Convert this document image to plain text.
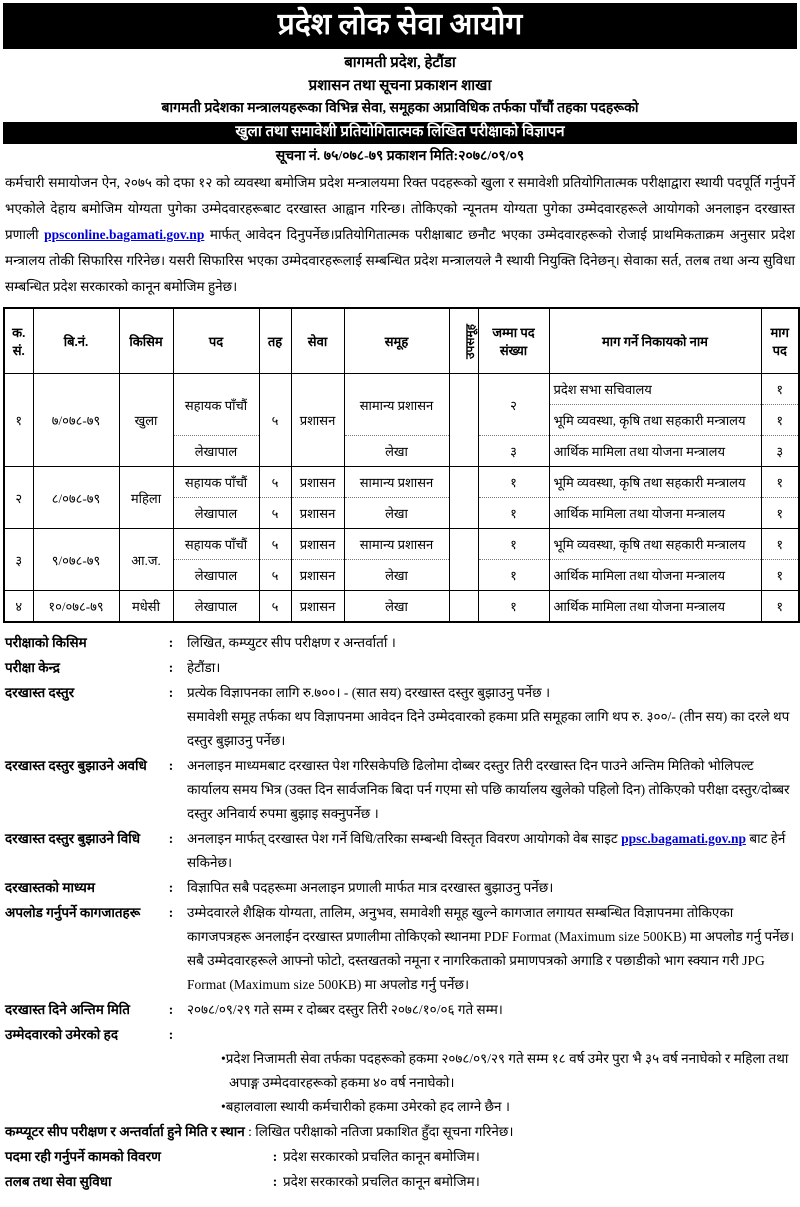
प्रदेश लोक सेवा आयोग
बागमती प्रदेश, हेटौंडा
प्रशासन तथा सूचना प्रकाशन शाखा
बागमती प्रदेशका मन्त्रालयहरूका विभिन्न सेवा, समूहका अप्राविधिक तर्फका पाँचौं तहका पदहरूको
खुला तथा समावेशी प्रतियोगितात्मक लिखित परीक्षाको विज्ञापन
सूचना नं. ७५/०७८-७९ प्रकाशन मिति:२०७८/०९/०९

कर्मचारी समायोजन ऐन, २०७५ को दफा १२ को व्यवस्था बमोजिम प्रदेश मन्त्रालयमा रिक्त पदहरूको खुला र समावेशी प्रतियोगितात्मक परीक्षाद्वारा स्थायी पदपूर्ति गर्नुपर्ने भएकोले देहाय बमोजिम योग्यता पुगेका उम्मेदवारहरूबाट दरखास्त आह्वान गरिन्छ। तोकिएको न्यूनतम योग्यता पुगेका उम्मेदवारहरूले आयोगको अनलाइन दरखास्त प्रणाली ppsconline.bagamati.gov.np मार्फत् आवेदन दिनुपर्नेछ।प्रतियोगितात्मक परीक्षाबाट छनौट भएका उम्मेदवारहरूको रोजाई प्राथमिकताक्रम अनुसार प्रदेश मन्त्रालय तोकी सिफारिस गरिनेछ। यसरी सिफारिस भएका उम्मेदवारहरूलाई सम्बन्धित प्रदेश मन्त्रालयले नै स्थायी नियुक्ति दिनेछन्। सेवाका सर्त, तलब तथा अन्य सुविधा सम्बन्धित प्रदेश सरकारको कानून बमोजिम हुनेछ।

क. सं.	बि.नं.	किसिम	पद	तह	सेवा	समूह	उपसमूह	जम्मा पद संख्या	माग गर्ने निकायको नाम	माग पद
१	७/०७८-७९	खुला	सहायक पाँचौं	५	प्रशासन	सामान्य प्रशासन		२	प्रदेश सभा सचिवालय	१
									भूमि व्यवस्था, कृषि तथा सहकारी मन्त्रालय	१
			लेखापाल			लेखा		३	आर्थिक मामिला तथा योजना मन्त्रालय	३
२	८/०७८-७९	महिला	सहायक पाँचौं	५	प्रशासन	सामान्य प्रशासन		१	भूमि व्यवस्था, कृषि तथा सहकारी मन्त्रालय	१
			लेखापाल	५	प्रशासन	लेखा		१	आर्थिक मामिला तथा योजना मन्त्रालय	१
३	९/०७८-७९	आ.ज.	सहायक पाँचौं	५	प्रशासन	सामान्य प्रशासन		१	भूमि व्यवस्था, कृषि तथा सहकारी मन्त्रालय	१
			लेखापाल	५	प्रशासन	लेखा		१	आर्थिक मामिला तथा योजना मन्त्रालय	१
४	१०/०७८-७९	मधेसी	लेखापाल	५	प्रशासन	लेखा		१	आर्थिक मामिला तथा योजना मन्त्रालय	१
परीक्षाको किसिम	:	लिखित, कम्प्युटर सीप परीक्षण र अन्तर्वार्ता ।

परीक्षा केन्द्र	:	हेटौंडा।

दरखास्त दस्तुर	:	प्रत्येक विज्ञापनका लागि रु.७००। - (सात सय) दरखास्त दस्तुर बुझाउनु पर्नेछ ।

समावेशी समूह तर्फका थप विज्ञापनमा आवेदन दिने उम्मेदवारको हकमा प्रति समूहका लागि थप रु. ३००/- (तीन सय) का दरले थप दस्तुर बुझाउनु पर्नेछ।

दरखास्त दस्तुर बुझाउने अवधि	:	अनलाइन माध्यमबाट दरखास्त पेश गरिसकेपछि ढिलोमा दोब्बर दस्तुर तिरी दरखास्त दिन पाउने अन्तिम मितिको भोलिपल्ट कार्यालय समय भित्र (उक्त दिन सार्वजनिक बिदा पर्न गएमा सो पछि कार्यालय खुलेको पहिलो दिन) तोकिएको परीक्षा दस्तुर/दोब्बर दस्तुर अनिवार्य रुपमा बुझाइ सक्नुपर्नेछ ।

दरखास्त दस्तुर बुझाउने विधि	:	अनलाइन मार्फत् दरखास्त पेश गर्ने विधि/तरिका सम्बन्धी विस्तृत विवरण आयोगको वेब साइट ppsc.bagamati.gov.np बाट हेर्न सकिनेछ।

दरखास्तको माध्यम	:	विज्ञापित सबै पदहरूमा अनलाइन प्रणाली मार्फत मात्र दरखास्त बुझाउनु पर्नेछ।

अपलोड गर्नुपर्ने कागजातहरू	:	उम्मेदवारले शैक्षिक योग्यता, तालिम, अनुभव, समावेशी समूह खुल्ने कागजात लगायत सम्बन्धित विज्ञापनमा तोकिएका कागजपत्रहरू अनलाईन दरखास्त प्रणालीमा तोकिएको स्थानमा PDF Format (Maximum size 500KB) मा अपलोड गर्नु पर्नेछ। सबै उम्मेदवारहरूले आफ्नो फोटो, दस्तखतको नमूना र नागरिकताको प्रमाणपत्रको अगाडि र पछाडीको भाग स्क्यान गरी JPG Format (Maximum size 500KB) मा अपलोड गर्नु पर्नेछ।

दरखास्त दिने अन्तिम मिति	:	२०७८/०९/२९ गते सम्म र दोब्बर दस्तुर तिरी २०७८/१०/०६ गते सम्म।

उम्मेदवारको उमेरको हद	:

•प्रदेश निजामती सेवा तर्फका पदहरूको हकमा २०७८/०९/२९ गते सम्म १८ वर्ष उमेर पुरा भै ३५ वर्ष ननाघेको र महिला तथा अपाङ्ग उम्मेदवारहरूको हकमा ४० वर्ष ननाघेको।

•बहालवाला स्थायी कर्मचारीको हकमा उमेरको हद लाग्ने छैन ।

कम्प्यूटर सीप परीक्षण र अन्तर्वार्ता हुने मिति र स्थान : लिखित परीक्षाको नतिजा प्रकाशित हुँदा सूचना गरिनेछ।
पदमा रही गर्नुपर्ने कामको विवरण	: प्रदेश सरकारको प्रचलित कानून बमोजिम।

तलब तथा सेवा सुविधा	: प्रदेश सरकारको प्रचलित कानून बमोजिम।
